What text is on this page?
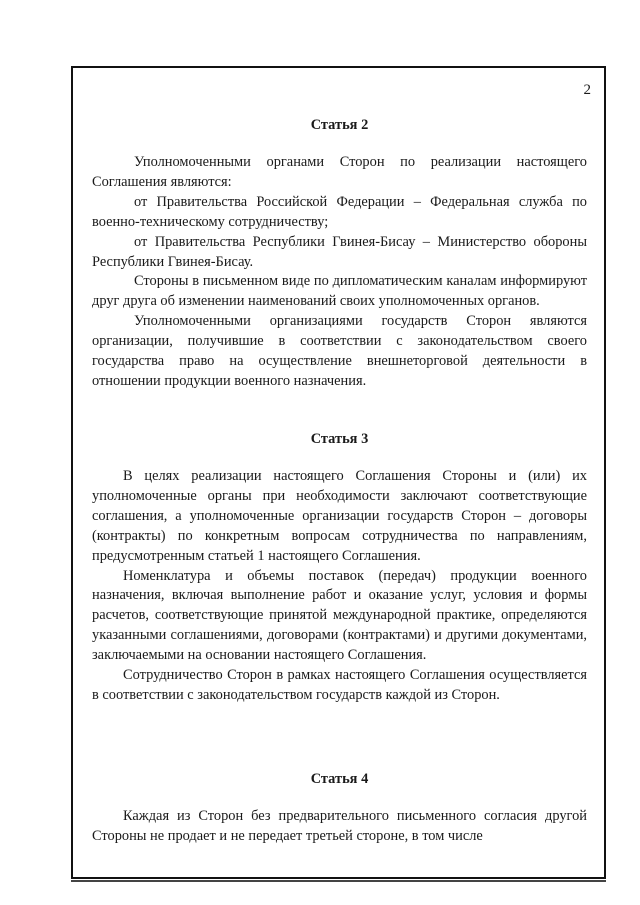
2
Статья 2

Уполномоченными органами Сторон по реализации настоящего Соглашения являются:

от Правительства Российской Федерации – Федеральная служба по военно-техническому сотрудничеству;

от Правительства Республики Гвинея-Бисау – Министерство обороны Республики Гвинея-Бисау.

Стороны в письменном виде по дипломатическим каналам информируют друг друга об изменении наименований своих уполномоченных органов.

Уполномоченными организациями государств Сторон являются организации, получившие в соответствии с законодательством своего государства право на осуществление внешнеторговой деятельности в отношении продукции военного назначения.

Статья 3

В целях реализации настоящего Соглашения Стороны и (или) их уполномоченные органы при необходимости заключают соответствующие соглашения, а уполномоченные организации государств Сторон – договоры (контракты) по конкретным вопросам сотрудничества по направлениям, предусмотренным статьей 1 настоящего Соглашения.

Номенклатура и объемы поставок (передач) продукции военного назначения, включая выполнение работ и оказание услуг, условия и формы расчетов, соответствующие принятой международной практике, определяются указанными соглашениями, договорами (контрактами) и другими документами, заключаемыми на основании настоящего Соглашения.

Сотрудничество Сторон в рамках настоящего Соглашения осуществляется в соответствии с законодательством государств каждой из Сторон.

Статья 4

Каждая из Сторон без предварительного письменного согласия другой Стороны не продает и не передает третьей стороне, в том числе
